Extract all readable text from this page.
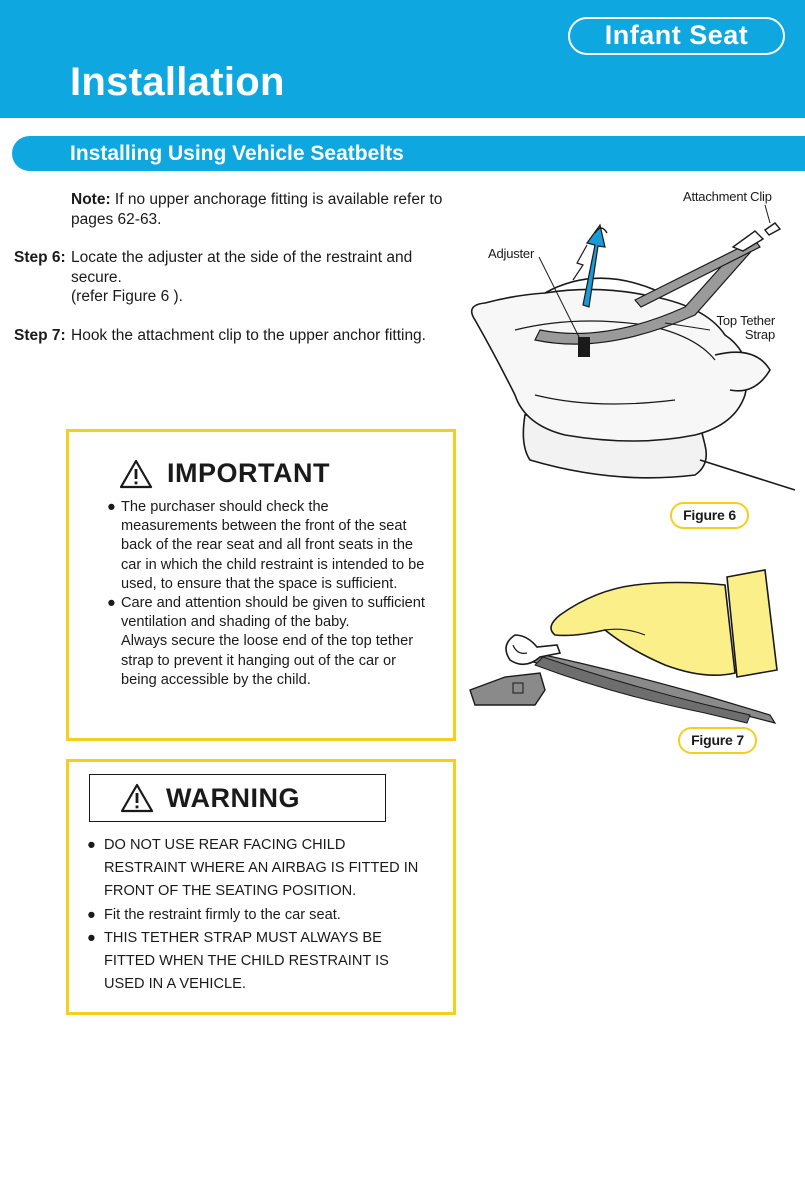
Infant Seat
Installation
Installing Using Vehicle Seatbelts
Note: If no upper anchorage fitting is available refer to pages 62-63.
Step 6: Locate the adjuster at the side of the restraint and secure.
(refer Figure 6 ).
Step 7: Hook the attachment clip to the upper anchor fitting.
IMPORTANT
● The purchaser should check the measurements between the front of the seat back of the rear seat and all front seats in the car in which the child restraint is intended to be used, to ensure that the space is sufficient.
● Care and attention should be given to sufficient ventilation and shading of the baby.
Always secure the loose end of the top tether strap to prevent it hanging out of the car or being accessible by the child.
WARNING
● DO NOT USE REAR FACING CHILD RESTRAINT WHERE AN AIRBAG IS FITTED IN FRONT OF THE SEATING POSITION.
● Fit the restraint firmly to the car seat.
● THIS TETHER STRAP MUST ALWAYS BE FITTED WHEN THE CHILD RESTRAINT IS USED IN A VEHICLE.
Attachment Clip
Adjuster
Top Tether
Strap
Figure 6
Figure 7
